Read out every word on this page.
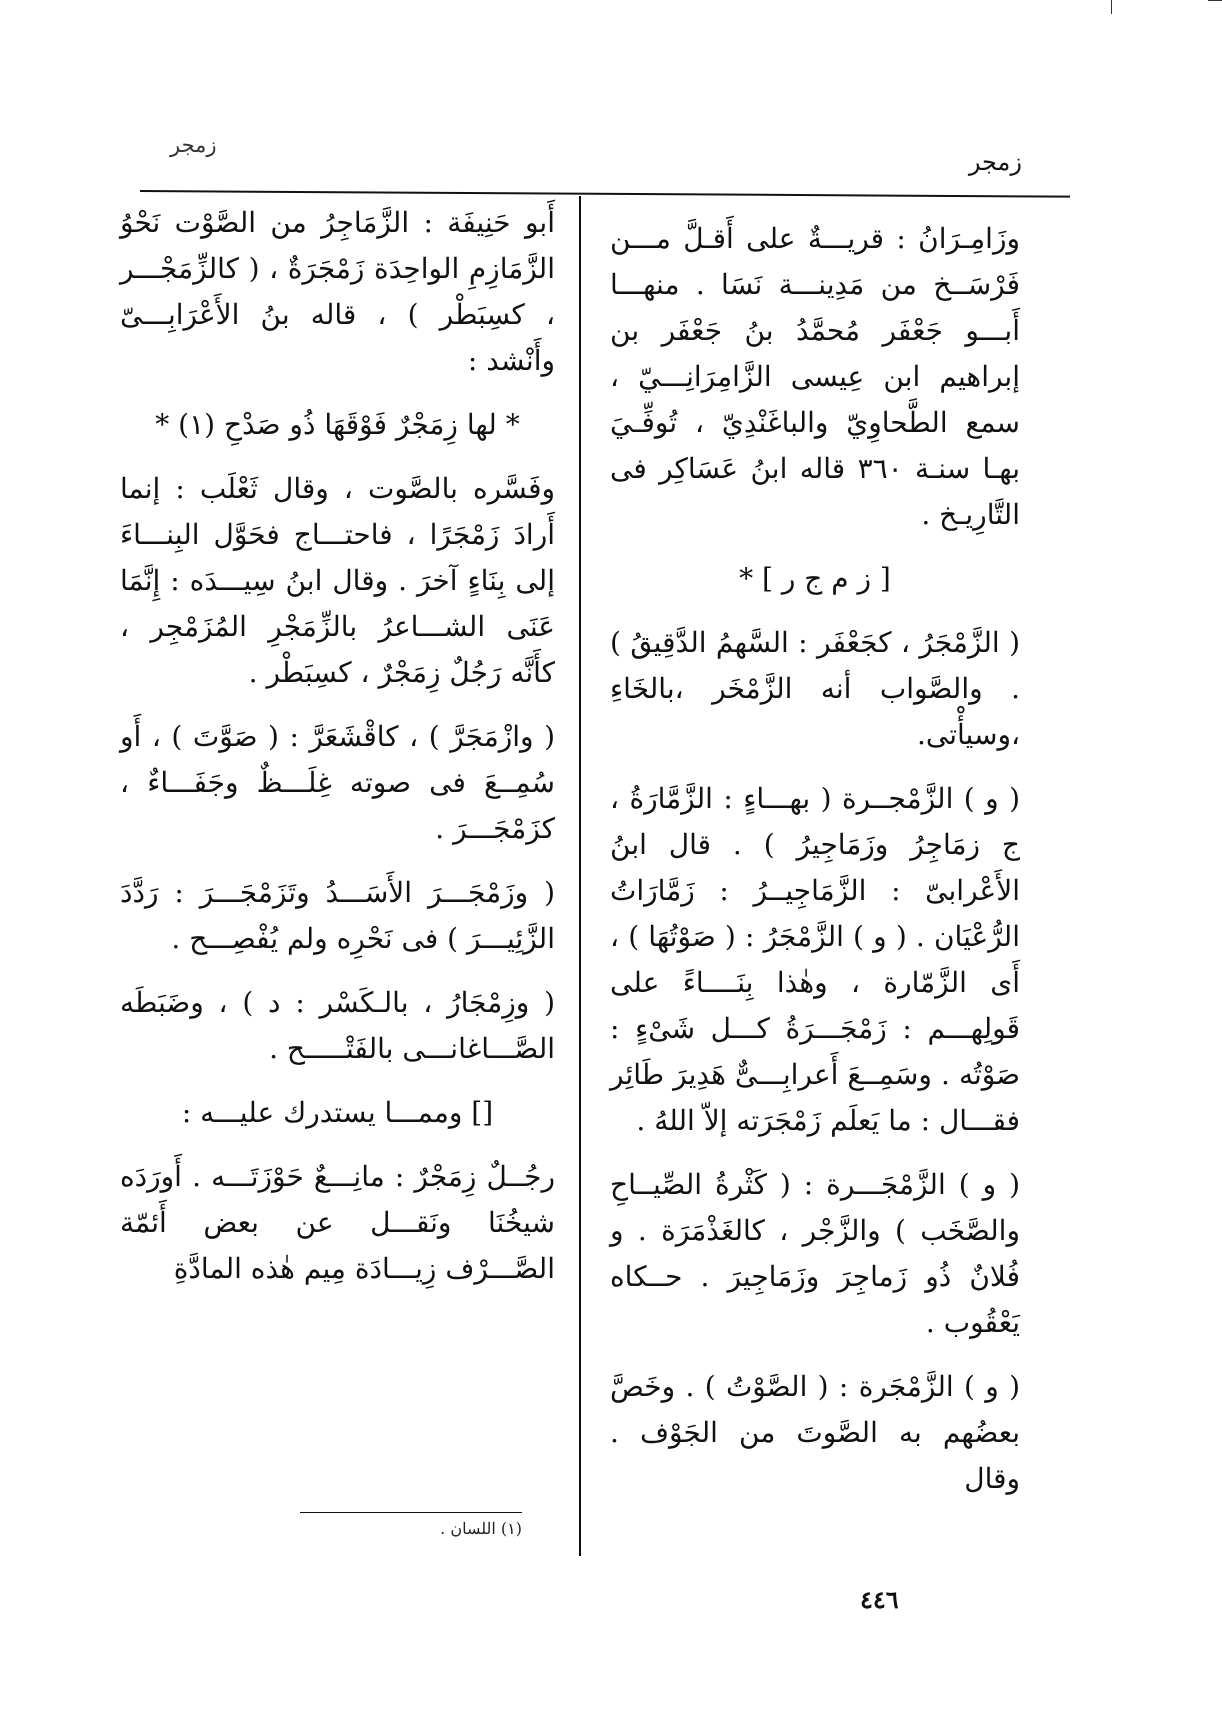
زمجر
زمجر

وزَامِـرَانُ : قريـــةٌ على أَقـلَّ مـــن فَرْسَــخ من مَدِينـــة نَسَا . منهـــا أَبـــو جَعْفَر مُحمَّدُ بنُ جَعْفَر بن إبراهيم ابن عِيسى الزَّامِرَانِـــيّ ، سمع الطَّحاوِيّ والباغَنْدِيّ ، تُوفِّـيَ بهـا سنـة ٣٦٠ قاله ابنُ عَسَاكِر فى التَّارِيـخ .

[ ز م ج ر ] *

( الزَّمْجَرُ ، كجَعْفَر : السَّهمُ الدَّقِيقُ ) . والصَّواب أنه الزَّمْخَر ،بالخَاءِ ،وسيأْتى.

( و ) الزَّمْجــرة ( بهـــاءٍ : الزَّمَّارَةُ ، ج زمَاجِرُ وزَمَاجِيرُ ) . قال ابنُ الأَعْرابىّ : الزَّمَاجِيــرُ : زَمَّارَاتُ الرُّعْيَان . ( و ) الزَّمْجَرُ : ( صَوْتُهَا ) ، أَى الزَّمّارة ، وهٰذا بِنَــــاءً على قَولِهـــم : زَمْجَـــرَةُ كـــل شَىْءٍ : صَوْتُه . وسَمِــعَ أَعرابِـــىٌّ هَدِيرَ طَائِر فقـــال : ما يَعلَم زَمْجَرَته إلاّ اللهُ .

( و ) الزَّمْجَـــرة : ( كَثْرةُ الصِّيــاحِ والصَّخَب ) والزَّجْر ، كالغَذْمَرَة . و فُلانٌ ذُو زَماجِرَ وزَمَاجِيرَ . حــكاه يَعْقُوب .

( و ) الزَّمْجَرة : ( الصَّوْتُ ) . وخَصَّ بعضُهم به الصَّوتَ من الجَوْف . وقال

أَبو حَنِيفَة : الزَّمَاجِرُ من الصَّوْت نَحْوُ الزَّمَازِمِ الواحِدَة زَمْجَرَةٌ ، ( كالزِّمَجْـــر ، كسِبَطْر ) ، قاله بنُ الأَعْرَابِـــىّ وأَنْشد :

* لها زِمَجْرٌ فَوْقَهَا ذُو صَدْحِ (١) *

وفَسَّره بالصَّوت ، وقال ثَعْلَب : إنما أَرادَ زَمْجَرًا ، فاحتـــاج فحَوَّل البِنـــاءَ إلى بِنَاءٍ آخرَ . وقال ابنُ سِيـــدَه : إِنَّمَا عَنَى الشـــاعرُ بالزِّمَجْرِ المُزَمْجِر ، كأَنَّه رَجُلٌ زِمَجْرٌ ، كسِبَطْر .

( وازْمَجَرَّ ) ، كاقْشَعَرَّ : ( صَوَّتَ ) ، أَو سُمِــعَ فى صوته غِلَـــظٌ وجَفَـــاءٌ ، كزَمْجَـــرَ .

( وزَمْجَـــرَ الأَسَـــدُ وتَزَمْجَـــرَ : رَدَّدَ الزَّئِيـــرَ ) فى نَحْرِه ولم يُفْصِـــح .

( وزِمْجَارُ ، بالـكَسْر : د ) ، وضَبَطَه الصَّـــاغانـــى بالفَتْـــــح .

[] وممـــا يستدرك عليـــه :

رجُــلٌ زِمَجْرٌ : مانِـــعٌ حَوْزَتَـــه . أَورَدَه شيخُنَا ونَقـــل عن بعض أَئمّة الصَّـــرْف زِيـــادَة مِيم هٰذه المادَّةِ

(١) اللسان .
٤٤٦
